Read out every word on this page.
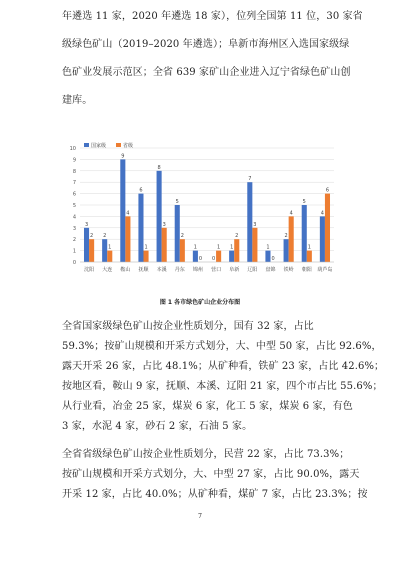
年遴选 11 家，2020 年遴选 18 家），位列全国第 11 位，30 家省
级绿色矿山（2019–2020 年遴选）；阜新市海州区入选国家级绿
色矿业发展示范区；全省 639 家矿山企业进入辽宁省绿色矿山创
建库。
0
1
2
3
4
5
6
7
8
9
10	国家级	省级
3
2
沈阳
2
1
大连
9
4
鞍山
6
1
抚顺
8
3
本溪
5
2
丹东
1
0
锦州
0
1
营口
1
2
阜新
7
3
辽阳
1
0
盘锦
2
4
铁岭
5
1
朝阳
4
6
葫芦岛
图 1 各市绿色矿山企业分布图
全省国家级绿色矿山按企业性质划分，国有 32 家，占比
59.3%；按矿山规模和开采方式划分，大、中型 50 家，占比 92.6%，
露天开采 26 家，占比 48.1%；从矿种看，铁矿 23 家，占比 42.6%；
按地区看，鞍山 9 家，抚顺、本溪、辽阳 21 家，四个市占比 55.6%；
从行业看，冶金 25 家，煤炭 6 家，化工 5 家，煤炭 6 家，有色
3 家，水泥 4 家，砂石 2 家，石油 5 家。
全省省级绿色矿山按企业性质划分，民营 22 家，占比 73.3%；
按矿山规模和开采方式划分，大、中型 27 家，占比 90.0%，露天
开采 12 家，占比 40.0%；从矿种看，煤矿 7 家，占比 23.3%；按
7
